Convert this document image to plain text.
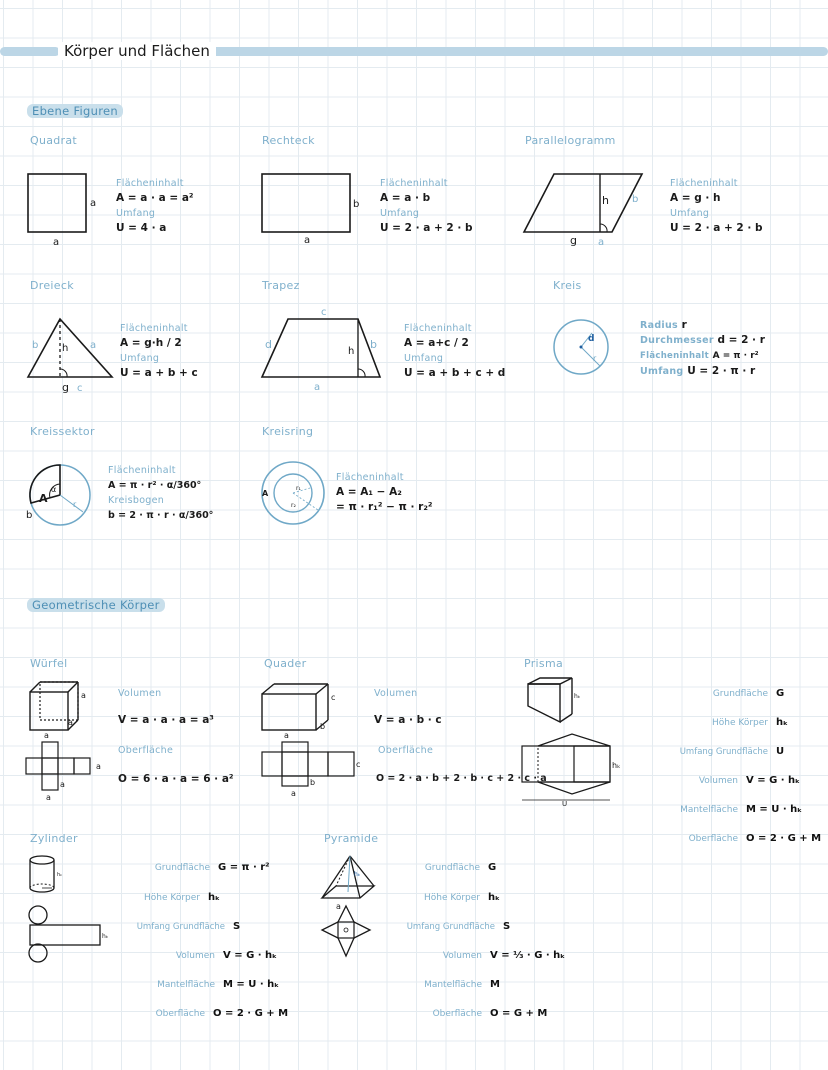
Körper und Flächen
Ebene Figuren
Geometrische Körper
Quadrat
a
a
Flächeninhalt
A = a · a = a²
Umfang
U = 4 · a
Rechteck
b
a
Flächeninhalt
A = a · b
Umfang
U = 2 · a + 2 · b
Parallelogramm
h b
g a
Flächeninhalt
A = g · h
Umfang
U = 2 · a + 2 · b
Dreieck
h
b	a
g c
Flächeninhalt
A = g·h / 2
Umfang
U = a + b + c
Trapez
c
d
h
b
a
Flächeninhalt
A = a+c / 2
Umfang
U = a + b + c + d
Kreis
d
r
Radius r
Durchmesser d = 2 · r
Flächeninhalt A = π · r²
Umfang U = 2 · π · r
Kreissektor
A
α
b
r
Flächeninhalt
A = π · r² · α/360°
Kreisbogen
b = 2 · π · r · α/360°
Kreisring
A
r₁
r₂
Flächeninhalt
A = A₁ − A₂
= π · r₁² − π · r₂²
Würfel
a
a
a
a
a
a
Volumen
V = a · a · a = a³
Oberfläche
O = 6 · a · a = 6 · a²
Quader
c
b
a
c
b
a
Volumen
V = a · b · c
Oberfläche
O = 2 · a · b + 2 · b · c + 2 · c · a
Prisma
hₖ
U
hₖ
Grundfläche G
Höhe Körper hₖ
Umfang Grundfläche U
Volumen V = G · hₖ
Mantelfläche M = U · hₖ
Oberfläche O = 2 · G + M
Zylinder
hₖ
hₖ
Grundfläche G = π · r²
Höhe Körper hₖ
Umfang Grundfläche S
Volumen V = G · hₖ
Mantelfläche M = U · hₖ
Oberfläche O = 2 · G + M
Pyramide
hₖ
a
Grundfläche G
Höhe Körper hₖ
Umfang Grundfläche S
Volumen V = ⅓ · G · hₖ
Mantelfläche M
Oberfläche O = G + M
